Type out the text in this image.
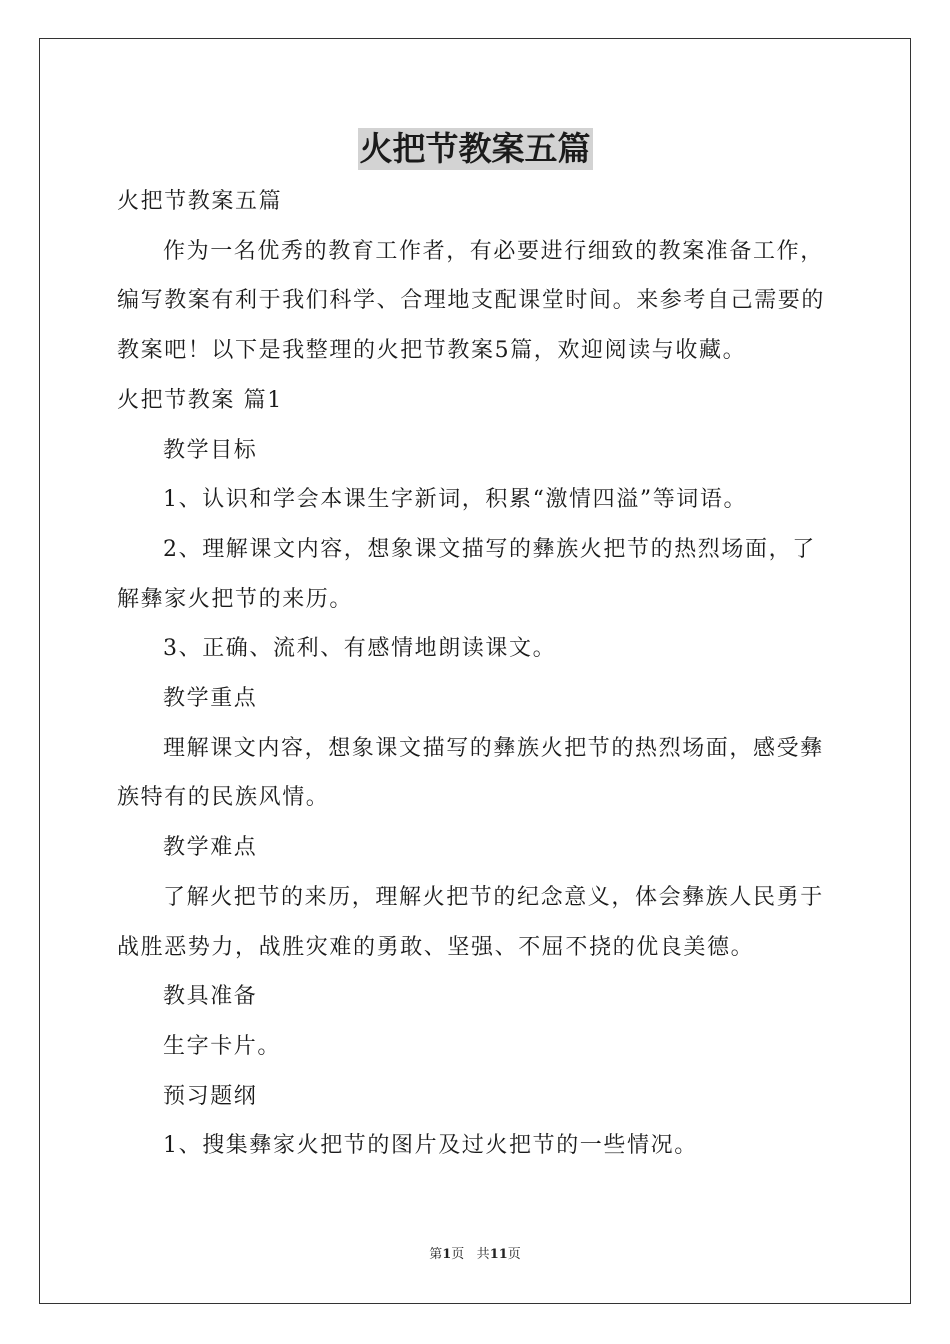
火把节教案五篇

火把节教案五篇

作为一名优秀的教育工作者，有必要进行细致的教案准备工作，编写教案有利于我们科学、合理地支配课堂时间。来参考自己需要的教案吧！以下是我整理的火把节教案5篇，欢迎阅读与收藏。

火把节教案 篇1

教学目标

1、认识和学会本课生字新词，积累“激情四溢”等词语。

2、理解课文内容，想象课文描写的彝族火把节的热烈场面，了解彝家火把节的来历。

3、正确、流利、有感情地朗读课文。

教学重点

理解课文内容，想象课文描写的彝族火把节的热烈场面，感受彝族特有的民族风情。

教学难点

了解火把节的来历，理解火把节的纪念意义，体会彝族人民勇于战胜恶势力，战胜灾难的勇敢、坚强、不屈不挠的优良美德。

教具准备

生字卡片。

预习题纲

1、搜集彝家火把节的图片及过火把节的一些情况。

第1页 共11页
